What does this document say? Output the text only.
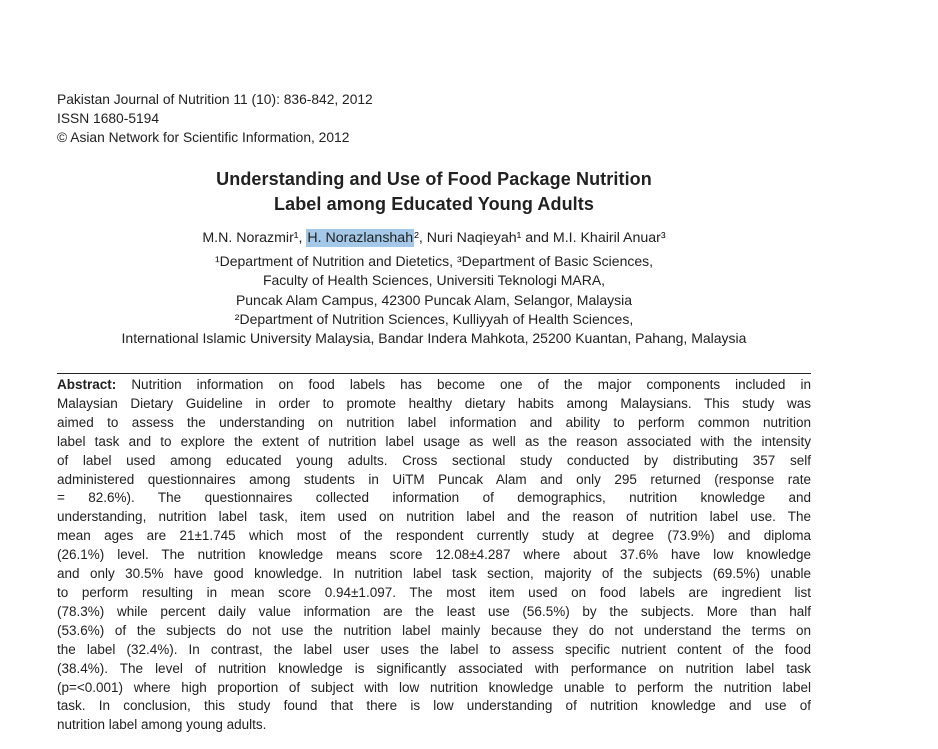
Pakistan Journal of Nutrition 11 (10): 836-842, 2012
ISSN 1680-5194
© Asian Network for Scientific Information, 2012
Understanding and Use of Food Package Nutrition
Label among Educated Young Adults
M.N. Norazmir¹, H. Norazlanshah², Nuri Naqieyah¹ and M.I. Khairil Anuar³
¹Department of Nutrition and Dietetics, ³Department of Basic Sciences,
Faculty of Health Sciences, Universiti Teknologi MARA,
Puncak Alam Campus, 42300 Puncak Alam, Selangor, Malaysia
²Department of Nutrition Sciences, Kulliyyah of Health Sciences,
International Islamic University Malaysia, Bandar Indera Mahkota, 25200 Kuantan, Pahang, Malaysia
Abstract: Nutrition information on food labels has become one of the major components included in
Malaysian Dietary Guideline in order to promote healthy dietary habits among Malaysians. This study was
aimed to assess the understanding on nutrition label information and ability to perform common nutrition
label task and to explore the extent of nutrition label usage as well as the reason associated with the intensity
of label used among educated young adults. Cross sectional study conducted by distributing 357 self
administered questionnaires among students in UiTM Puncak Alam and only 295 returned (response rate
= 82.6%). The questionnaires collected information of demographics, nutrition knowledge and
understanding, nutrition label task, item used on nutrition label and the reason of nutrition label use. The
mean ages are 21±1.745 which most of the respondent currently study at degree (73.9%) and diploma
(26.1%) level. The nutrition knowledge means score 12.08±4.287 where about 37.6% have low knowledge
and only 30.5% have good knowledge. In nutrition label task section, majority of the subjects (69.5%) unable
to perform resulting in mean score 0.94±1.097. The most item used on food labels are ingredient list
(78.3%) while percent daily value information are the least use (56.5%) by the subjects. More than half
(53.6%) of the subjects do not use the nutrition label mainly because they do not understand the terms on
the label (32.4%). In contrast, the label user uses the label to assess specific nutrient content of the food
(38.4%). The level of nutrition knowledge is significantly associated with performance on nutrition label task
(p=<0.001) where high proportion of subject with low nutrition knowledge unable to perform the nutrition label
task. In conclusion, this study found that there is low understanding of nutrition knowledge and use of
nutrition label among young adults.
